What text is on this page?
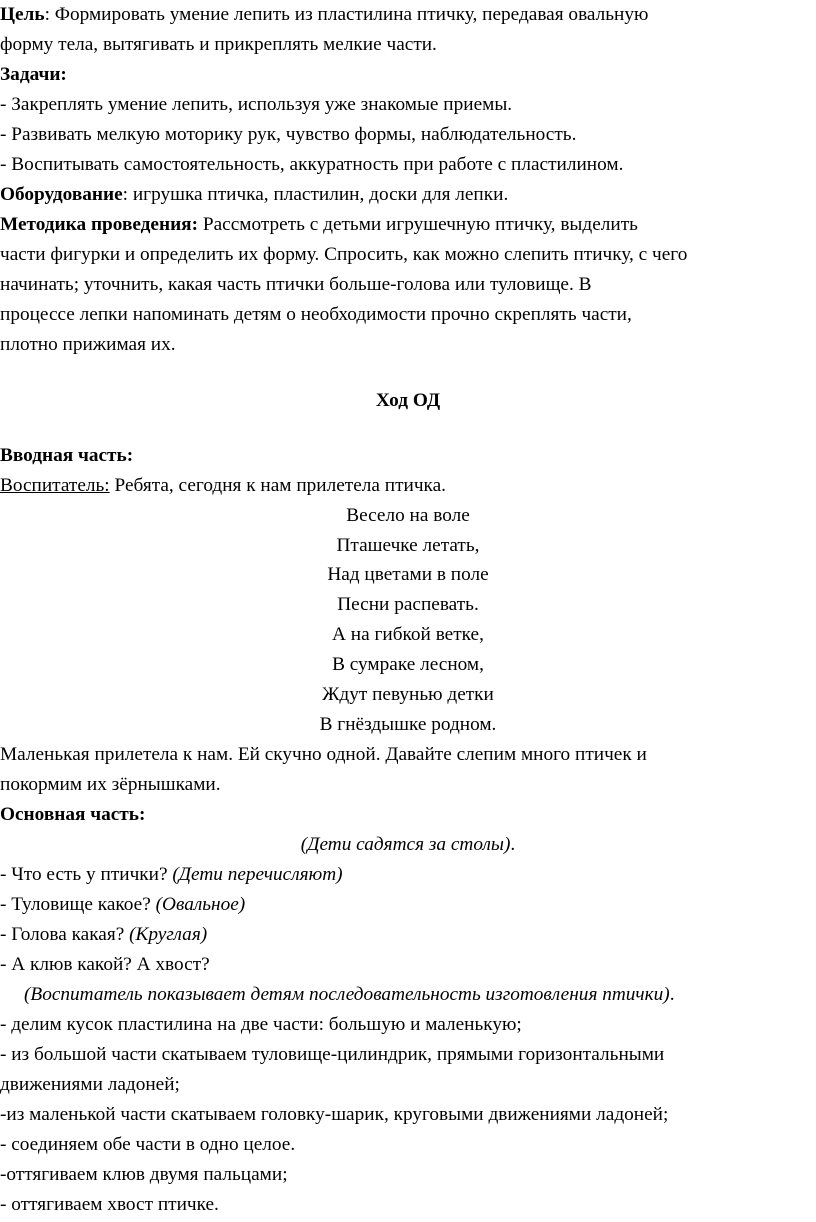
Цель: Формировать умение лепить из пластилина птичку, передавая овальную
форму тела, вытягивать и прикреплять мелкие части.
Задачи:
- Закреплять умение лепить, используя уже знакомые приемы.
- Развивать мелкую моторику рук, чувство формы, наблюдательность.
- Воспитывать самостоятельность, аккуратность при работе с пластилином.
Оборудование: игрушка птичка, пластилин, доски для лепки.
Методика проведения: Рассмотреть с детьми игрушечную птичку, выделить
части фигурки и определить их форму. Спросить, как можно слепить птичку, с чего
начинать; уточнить, какая часть птички больше-голова или туловище. В
процессе лепки напоминать детям о необходимости прочно скреплять части,
плотно прижимая их.
Ход ОД
Вводная часть:
Воспитатель: Ребята, сегодня к нам прилетела птичка.
Весело на воле
Пташечке летать,
Над цветами в поле
Песни распевать.
А на гибкой ветке,
В сумраке лесном,
Ждут певунью детки
В гнёздышке родном.
Маленькая прилетела к нам. Ей скучно одной. Давайте слепим много птичек и
покормим их зёрнышками.
Основная часть:
(Дети садятся за столы).
- Что есть у птички? (Дети перечисляют)
- Туловище какое? (Овальное)
- Голова какая? (Круглая)
- А клюв какой? А хвост?
(Воспитатель показывает детям последовательность изготовления птички).
- делим кусок пластилина на две части: большую и маленькую;
- из большой части скатываем туловище-цилиндрик, прямыми горизонтальными
движениями ладоней;
-из маленькой части скатываем головку-шарик, круговыми движениями ладоней;
- соединяем обе части в одно целое.
-оттягиваем клюв двумя пальцами;
- оттягиваем хвост птичке.
